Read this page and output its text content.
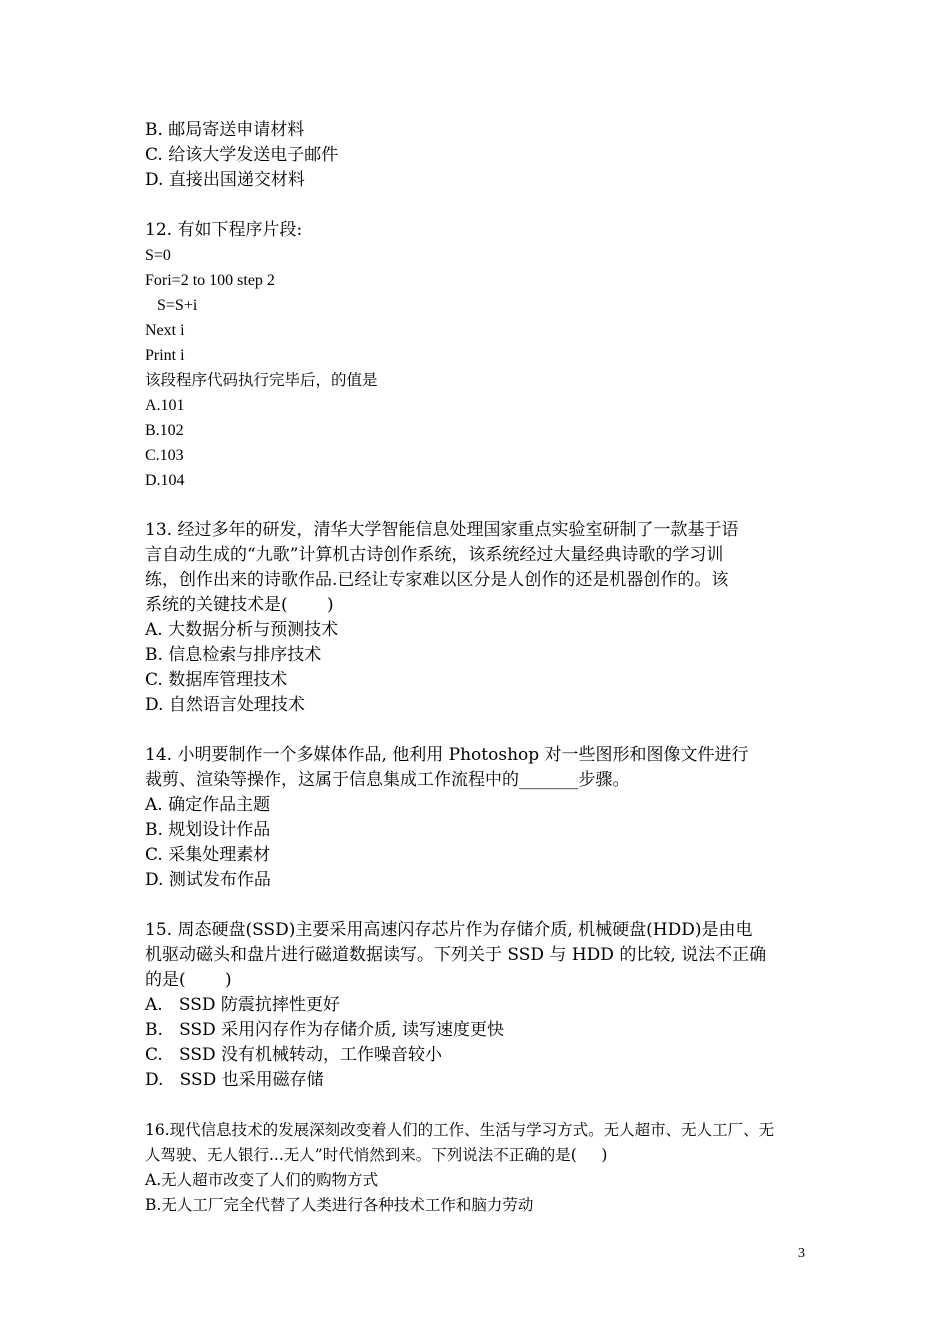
B. 邮局寄送申请材料
C. 给该大学发送电子邮件
D. 直接出国递交材料
12. 有如下程序片段:
S=0
Fori=2 to 100 step 2
S=S+i
Next i
Print i
该段程序代码执行完毕后，的值是
A.101
B.102
C.103
D.104
13. 经过多年的研发，清华大学智能信息处理国家重点实验室研制了一款基于语
言自动生成的“九歌”计算机古诗创作系统，该系统经过大量经典诗歌的学习训
练，创作出来的诗歌作品.已经让专家难以区分是人创作的还是机器创作的。该
系统的关键技术是(　　 )
A. 大数据分析与预测技术
B. 信息检索与排序技术
C. 数据库管理技术
D. 自然语言处理技术
14. 小明要制作一个多媒体作品, 他利用 Photoshop 对一些图形和图像文件进行
裁剪、渲染等操作，这属于信息集成工作流程中的_______步骤。
A. 确定作品主题
B. 规划设计作品
C. 采集处理素材
D. 测试发布作品
15. 周态硬盘(SSD)主要采用高速闪存芯片作为存储介质, 机械硬盘(HDD)是由电
机驱动磁头和盘片进行磁道数据读写。下列关于 SSD 与 HDD 的比较, 说法不正确
的是(　　 )
A.   SSD 防震抗摔性更好
B.   SSD 采用闪存作为存储介质, 读写速度更快
C.   SSD 没有机械转动，工作噪音较小
D.   SSD 也采用磁存储
16.现代信息技术的发展深刻改变着人们的工作、生活与学习方式。无人超市、无人工厂、无
人驾驶、无人银行...无人”时代悄然到来。下列说法不正确的是(     )
A.无人超市改变了人们的购物方式
B.无人工厂完全代替了人类进行各种技术工作和脑力劳动
3
